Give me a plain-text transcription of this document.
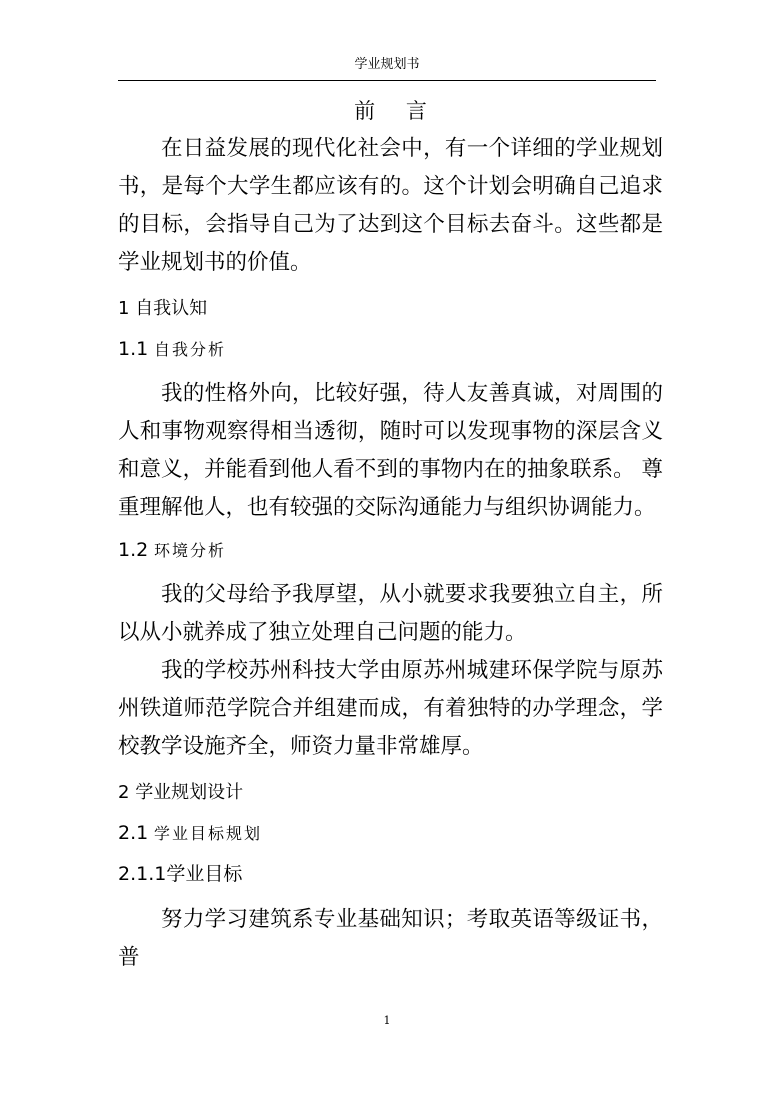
学业规划书
前 言

在日益发展的现代化社会中，有一个详细的学业规划书，是每个大学生都应该有的。这个计划会明确自己追求的目标，会指导自己为了达到这个目标去奋斗。这些都是学业规划书的价值。

1 自我认知
1.1 自我分析

我的性格外向，比较好强，待人友善真诚，对周围的人和事物观察得相当透彻，随时可以发现事物的深层含义和意义，并能看到他人看不到的事物内在的抽象联系。 尊重理解他人，也有较强的交际沟通能力与组织协调能力。

1.2 环境分析

我的父母给予我厚望，从小就要求我要独立自主，所以从小就养成了独立处理自己问题的能力。

我的学校苏州科技大学由原苏州城建环保学院与原苏州铁道师范学院合并组建而成，有着独特的办学理念，学校教学设施齐全，师资力量非常雄厚。

2 学业规划设计
2.1 学业目标规划
2.1.1学业目标

努力学习建筑系专业基础知识；考取英语等级证书，普

1
